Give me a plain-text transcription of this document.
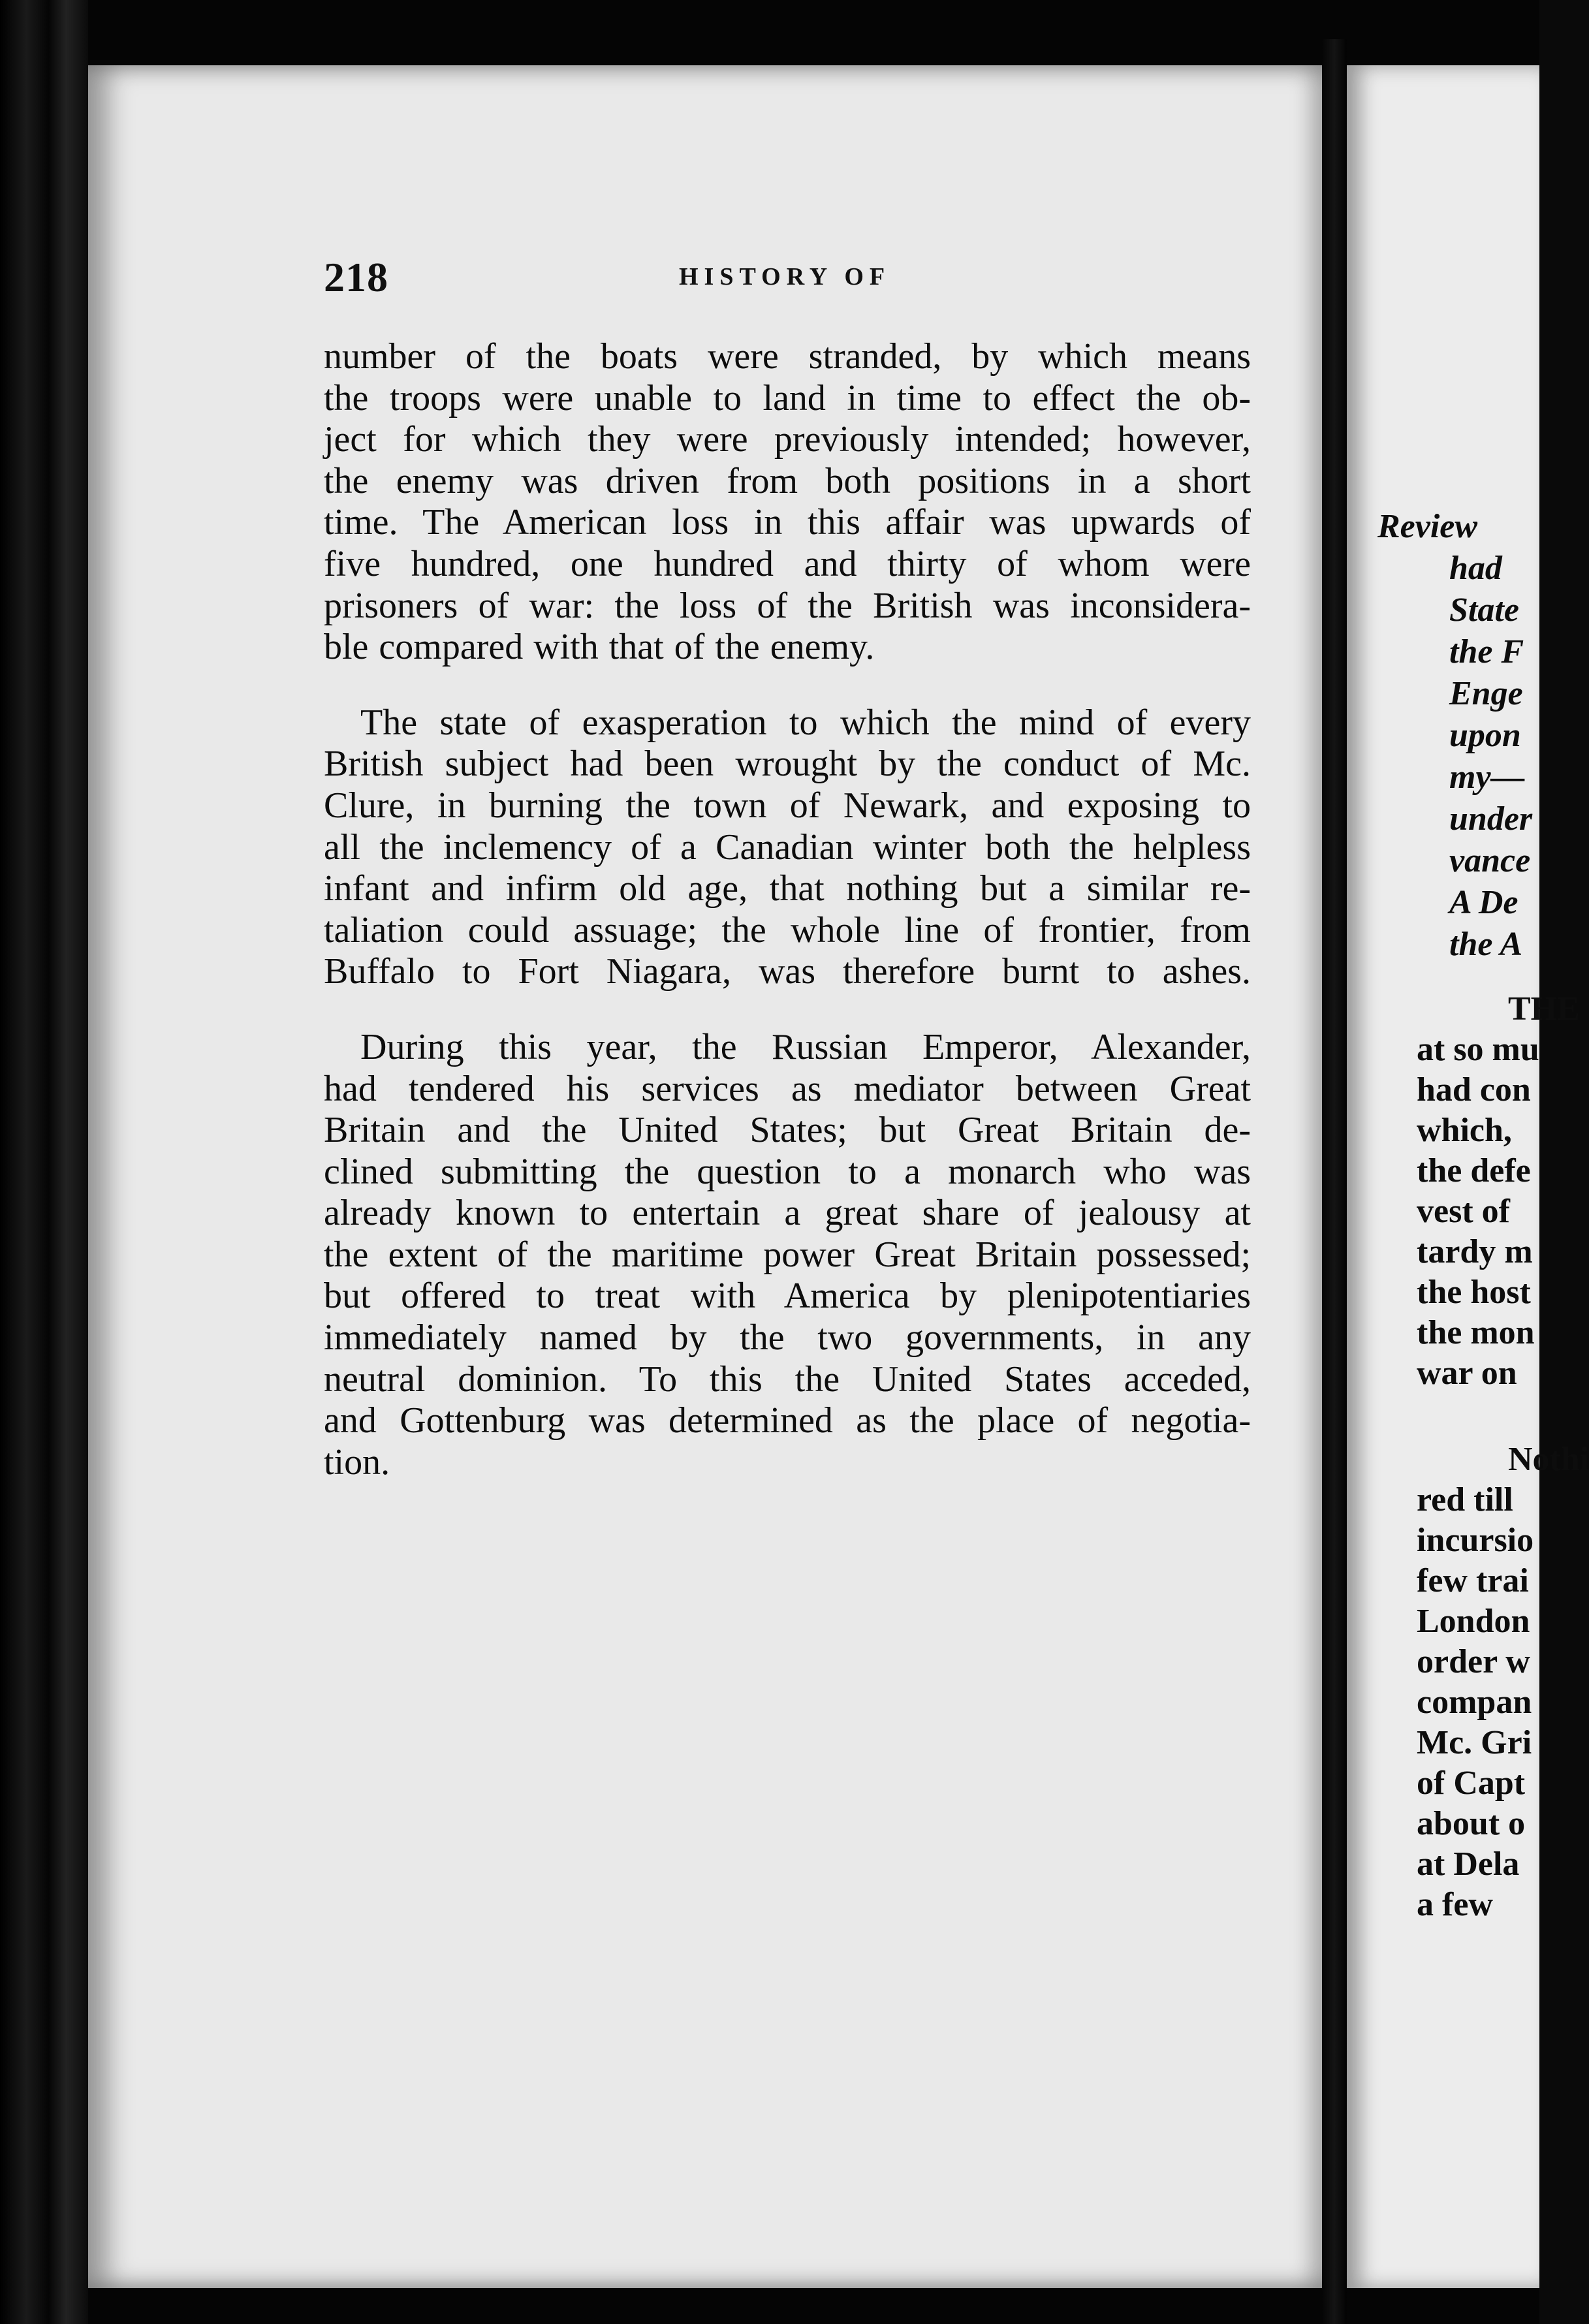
218	HISTORY OF
number of the boats were stranded, by which means
the troops were unable to land in time to effect the ob-
ject for which they were previously intended; however,
the enemy was driven from both positions in a short
time. The American loss in this affair was upwards of
five hundred, one hundred and thirty of whom were
prisoners of war: the loss of the British was inconsidera-
ble compared with that of the enemy.
The state of exasperation to which the mind of every
British subject had been wrought by the conduct of Mc.
Clure, in burning the town of Newark, and exposing to
all the inclemency of a Canadian winter both the helpless
infant and infirm old age, that nothing but a similar re-
taliation could assuage; the whole line of frontier, from
Buffalo to Fort Niagara, was therefore burnt to ashes.
During this year, the Russian Emperor, Alexander,
had tendered his services as mediator between Great
Britain and the United States; but Great Britain de-
clined submitting the question to a monarch who was
already known to entertain a great share of jealousy at
the extent of the maritime power Great Britain possessed;
but offered to treat with America by plenipotentiaries
immediately named by the two governments, in any
neutral dominion. To this the United States acceded,
and Gottenburg was determined as the place of negotia-
tion.
Review
had
State
the F
Enge
upon
my—
under
vance
A De
the A
THE
at so mu
had con
which,
the defe
vest of
tardy m
the host
the mon
war on
Nothi
red till
incursio
few trai
London
order w
compan
Mc. Gri
of Capt
about o
at Dela
a few
